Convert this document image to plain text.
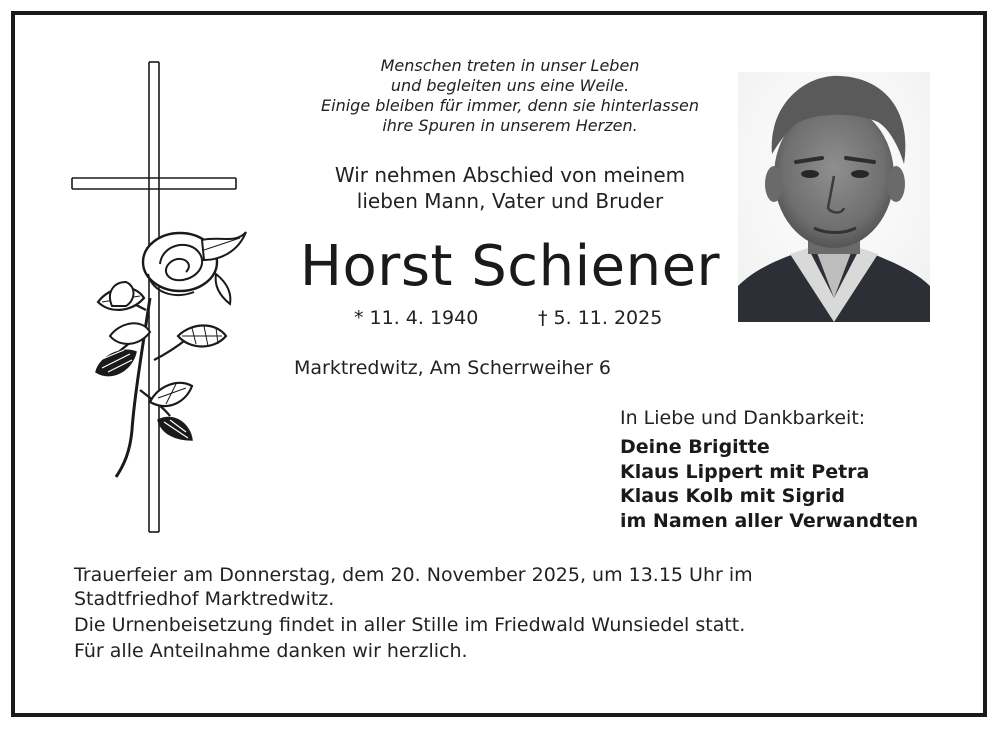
Menschen treten in unser Leben
und begleiten uns eine Weile.
Einige bleiben für immer, denn sie hinterlassen
ihre Spuren in unserem Herzen.
Wir nehmen Abschied von meinem
lieben Mann, Vater und Bruder
Horst Schiener
* 11. 4. 1940	† 5. 11. 2025
Marktredwitz, Am Scherrweiher 6
In Liebe und Dankbarkeit:
Deine Brigitte
Klaus Lippert mit Petra
Klaus Kolb mit Sigrid
im Namen aller Verwandten

Trauerfeier am Donnerstag, dem 20. November 2025, um 13.15 Uhr im
Stadtfriedhof Marktredwitz.

Die Urnenbeisetzung findet in aller Stille im Friedwald Wunsiedel statt.

Für alle Anteilnahme danken wir herzlich.
